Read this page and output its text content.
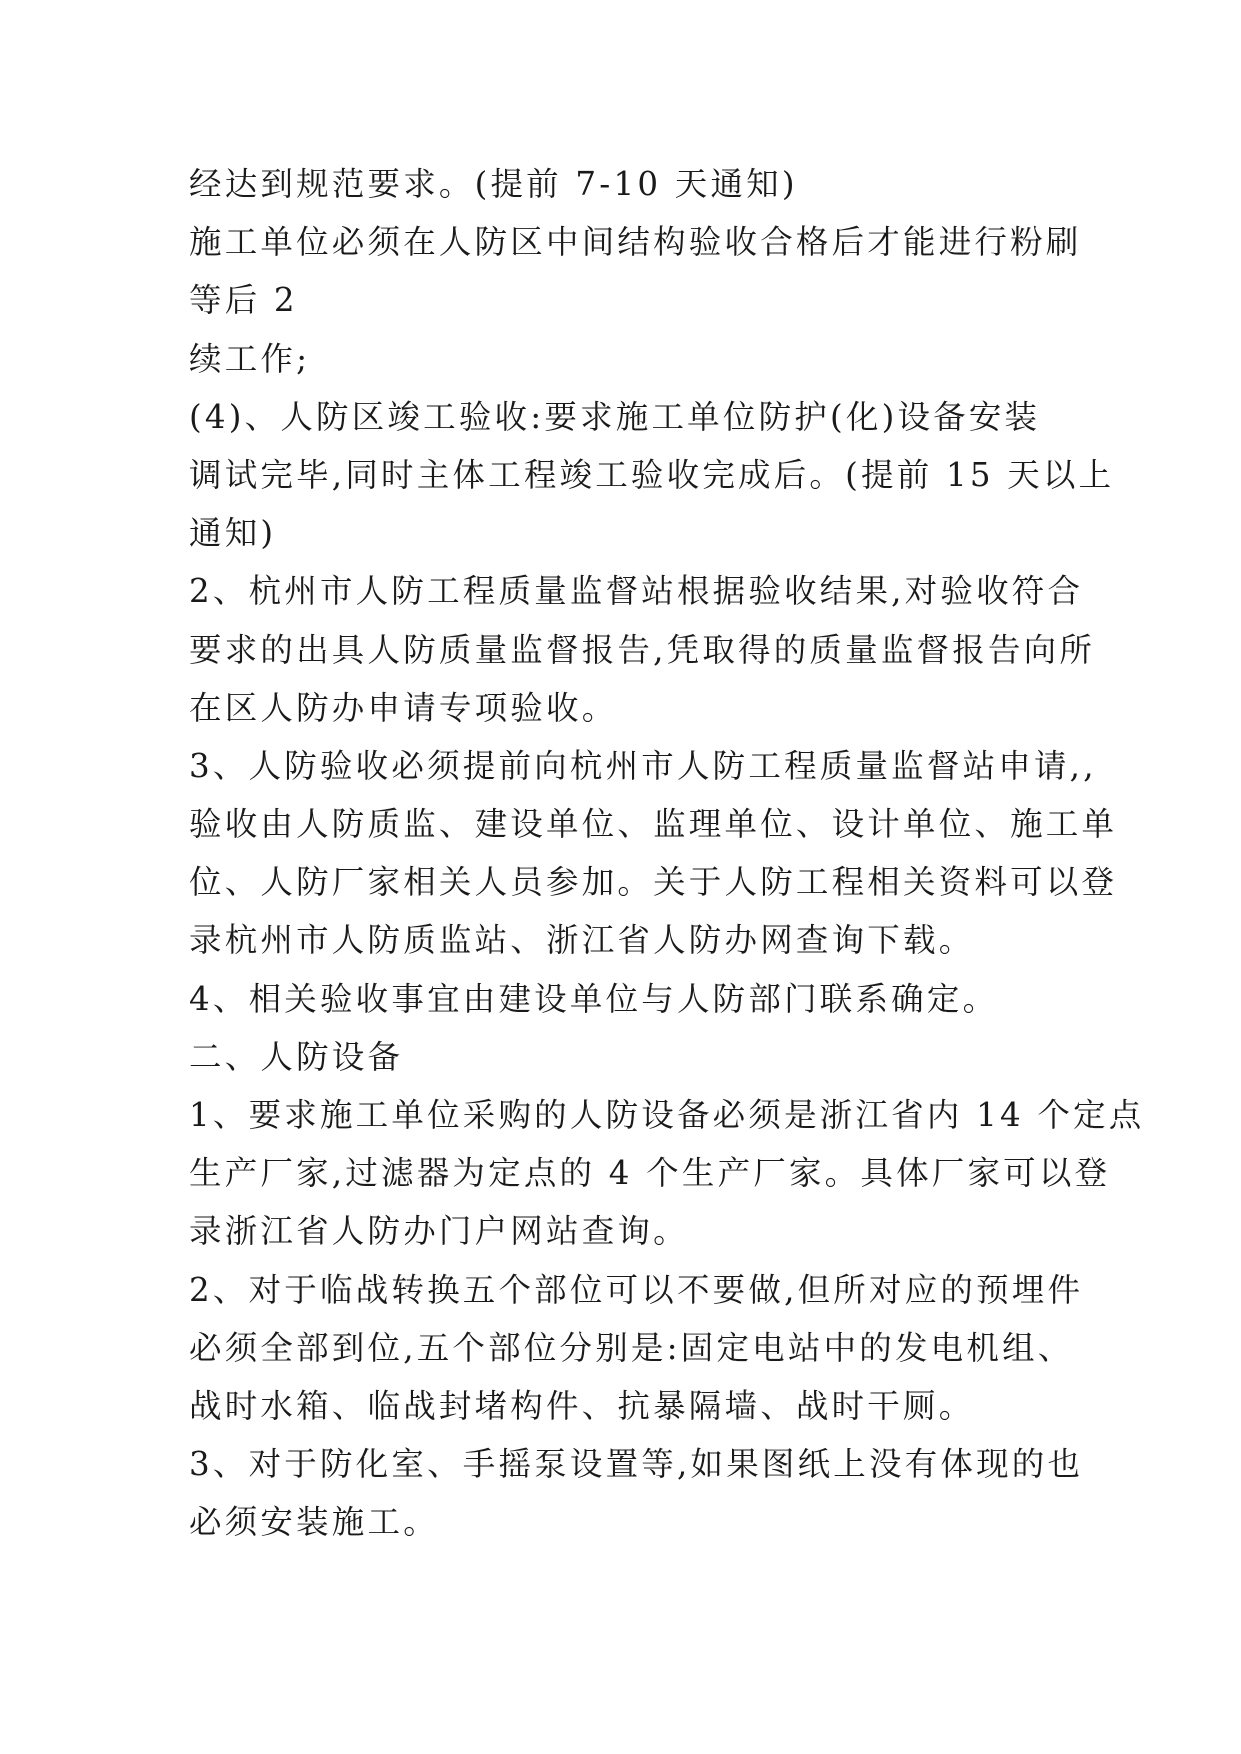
经达到规范要求。(提前 7-10 天通知)
施工单位必须在人防区中间结构验收合格后才能进行粉刷
等后 2
续工作;
(4)、人防区竣工验收:要求施工单位防护(化)设备安装
调试完毕,同时主体工程竣工验收完成后。(提前 15 天以上
通知)
2、杭州市人防工程质量监督站根据验收结果,对验收符合
要求的出具人防质量监督报告,凭取得的质量监督报告向所
在区人防办申请专项验收。
3、人防验收必须提前向杭州市人防工程质量监督站申请,,
验收由人防质监、建设单位、监理单位、设计单位、施工单
位、人防厂家相关人员参加。关于人防工程相关资料可以登
录杭州市人防质监站、浙江省人防办网查询下载。
4、相关验收事宜由建设单位与人防部门联系确定。
二、人防设备
1、要求施工单位采购的人防设备必须是浙江省内 14 个定点
生产厂家,过滤器为定点的 4 个生产厂家。具体厂家可以登
录浙江省人防办门户网站查询。
2、对于临战转换五个部位可以不要做,但所对应的预埋件
必须全部到位,五个部位分别是:固定电站中的发电机组、
战时水箱、临战封堵构件、抗暴隔墙、战时干厕。
3、对于防化室、手摇泵设置等,如果图纸上没有体现的也
必须安装施工。
